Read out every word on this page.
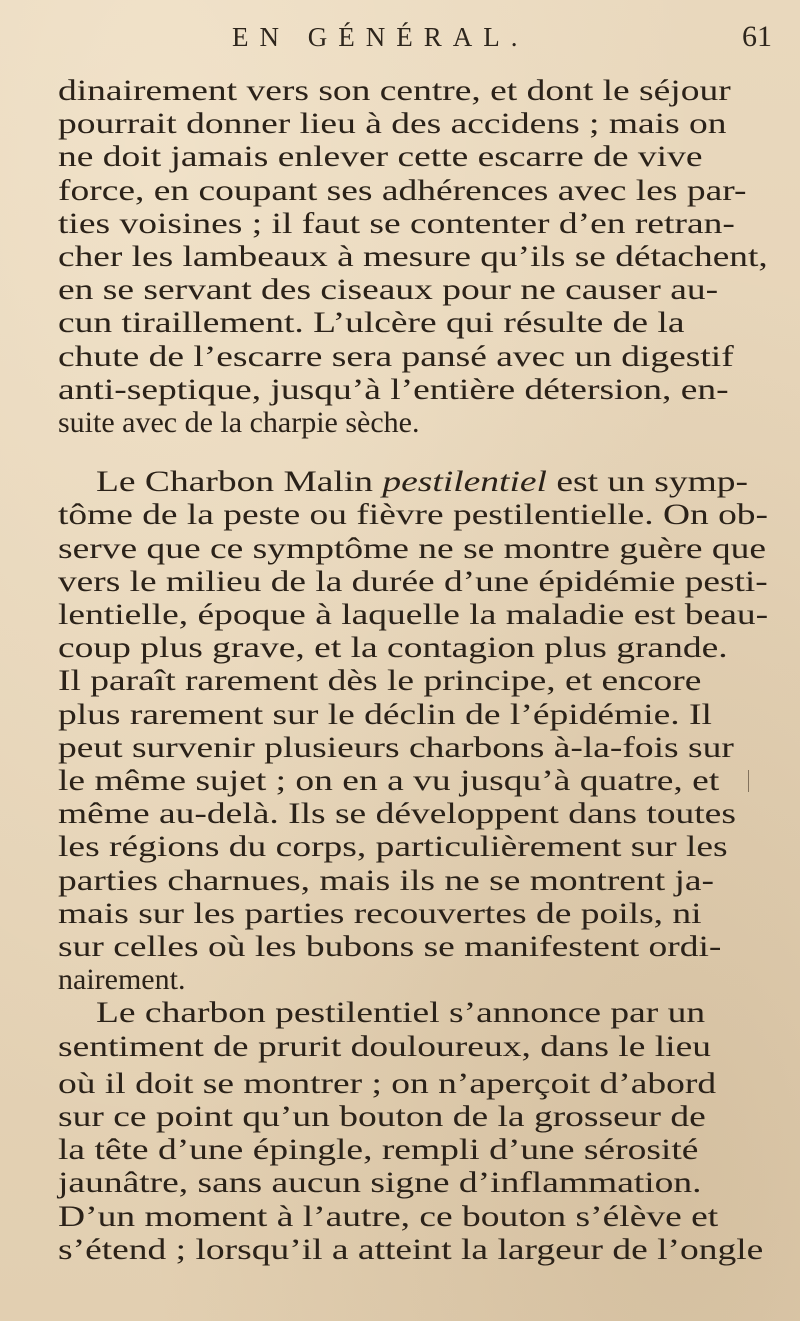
EN GÉNÉRAL.	61
dinairement vers son centre, et dont le séjour
pourrait donner lieu à des accidens ; mais on
ne doit jamais enlever cette escarre de vive
force, en coupant ses adhérences avec les par-
ties voisines ; il faut se contenter d’en retran-
cher les lambeaux à mesure qu’ils se détachent,
en se servant des ciseaux pour ne causer au-
cun tiraillement. L’ulcère qui résulte de la
chute de l’escarre sera pansé avec un digestif
anti-septique, jusqu’à l’entière détersion, en-
suite avec de la charpie sèche.
Le Charbon Malin pestilentiel est un symp-
tôme de la peste ou fièvre pestilentielle. On ob-
serve que ce symptôme ne se montre guère que
vers le milieu de la durée d’une épidémie pesti-
lentielle, époque à laquelle la maladie est beau-
coup plus grave, et la contagion plus grande.
Il paraît rarement dès le principe, et encore
plus rarement sur le déclin de l’épidémie. Il
peut survenir plusieurs charbons à-la-fois sur
le même sujet ; on en a vu jusqu’à quatre, et
même au-delà. Ils se développent dans toutes
les régions du corps, particulièrement sur les
parties charnues, mais ils ne se montrent ja-
mais sur les parties recouvertes de poils, ni
sur celles où les bubons se manifestent ordi-
nairement.
Le charbon pestilentiel s’annonce par un
sentiment de prurit douloureux, dans le lieu
où il doit se montrer ; on n’aperçoit d’abord
sur ce point qu’un bouton de la grosseur de
la tête d’une épingle, rempli d’une sérosité
jaunâtre, sans aucun signe d’inflammation.
D’un moment à l’autre, ce bouton s’élève et
s’étend ; lorsqu’il a atteint la largeur de l’ongle
